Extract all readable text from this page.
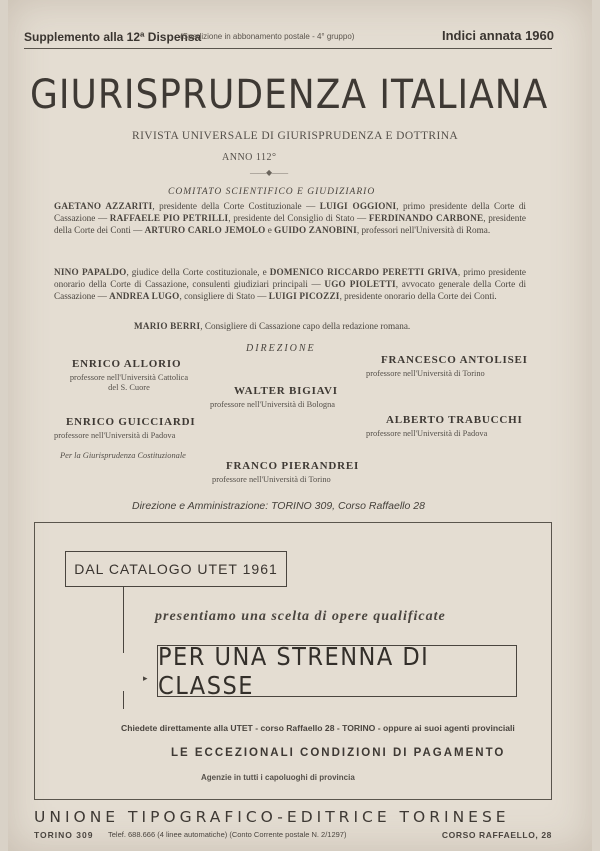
Supplemento alla 12ª Dispensa
(Spedizione in abbonamento postale - 4° gruppo)	Indici annata 1960
GIURISPRUDENZA ITALIANA
RIVISTA UNIVERSALE DI GIURISPRUDENZA E DOTTRINA
ANNO 112°
——◆——
COMITATO SCIENTIFICO E GIUDIZIARIO
GAETANO AZZARITI, presidente della Corte Costituzionale — LUIGI OGGIONI, primo presidente della Corte di Cassazione — RAFFAELE PIO PETRILLI, presidente del Consiglio di Stato — FERDINANDO CARBONE, presidente della Corte dei Conti — ARTURO CARLO JEMOLO e GUIDO ZANOBINI, professori nell'Università di Roma.
NINO PAPALDO, giudice della Corte costituzionale, e DOMENICO RICCARDO PERETTI GRIVA, primo presidente onorario della Corte di Cassazione, consulenti giudiziari principali — UGO PIOLETTI, avvocato generale della Corte di Cassazione — ANDREA LUGO, consigliere di Stato — LUIGI PICOZZI, presidente onorario della Corte dei Conti.
MARIO BERRI, Consigliere di Cassazione capo della redazione romana.
DIREZIONE
ENRICO ALLORIO
professore nell'Università Cattolica
del S. Cuore
FRANCESCO ANTOLISEI
professore nell'Università di Torino
WALTER BIGIAVI
professore nell'Università di Bologna
ENRICO GUICCIARDI
professore nell'Università di Padova
ALBERTO TRABUCCHI
professore nell'Università di Padova
Per la Giurisprudenza Costituzionale
FRANCO PIERANDREI
professore nell'Università di Torino
Direzione e Amministrazione: TORINO 309, Corso Raffaello 28
DAL CATALOGO UTET 1961
presentiamo una scelta di opere qualificate
▸
PER UNA STRENNA DI CLASSE
Chiedete direttamente alla UTET - corso Raffaello 28 - TORINO - oppure ai suoi agenti provinciali
LE ECCEZIONALI CONDIZIONI DI PAGAMENTO
Agenzie in tutti i capoluoghi di provincia
UNIONE TIPOGRAFICO-EDITRICE TORINESE
TORINO 309 Telef. 688.666 (4 linee automatiche) (Conto Corrente postale N. 2/1297)	CORSO RAFFAELLO, 28
